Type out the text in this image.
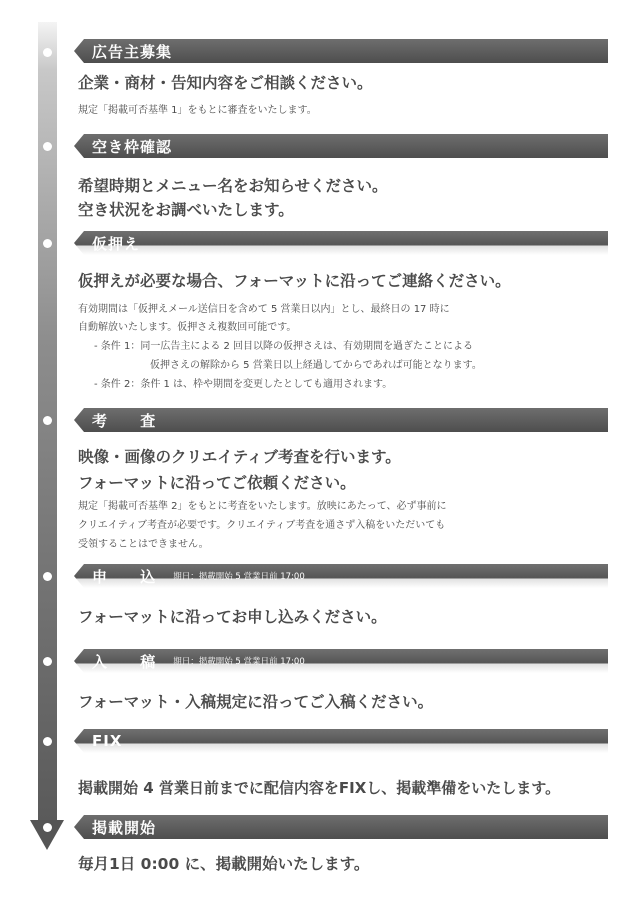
広告主募集
企業・商材・告知内容をご相談ください。
規定「掲載可否基準 1」をもとに審査をいたします。
空き枠確認
希望時期とメニュー名をお知らせください。
空き状況をお調べいたします。
仮押え
仮押えが必要な場合、フォーマットに沿ってご連絡ください。
有効期間は「仮押えメール送信日を含めて 5 営業日以内」とし、最終日の 17 時に
自動解放いたします。仮押さえ複数回可能です。
- 条件 1：同一広告主による 2 回目以降の仮押さえは、有効期間を過ぎたことによる
仮押さえの解除から 5 営業日以上経過してからであれば可能となります。
- 条件 2：条件 1 は、枠や期間を変更したとしても適用されます。
考 査
映像・画像のクリエイティブ考査を行います。
フォーマットに沿ってご依頼ください。
規定「掲載可否基準 2」をもとに考査をいたします。放映にあたって、必ず事前に
クリエイティブ考査が必要です。クリエイティブ考査を通さず入稿をいただいても
受領することはできません。
申 込 期日：掲載開始 5 営業日前 17:00
フォーマットに沿ってお申し込みください。
入 稿 期日：掲載開始 5 営業日前 17:00
フォーマット・入稿規定に沿ってご入稿ください。
FIX
掲載開始 4 営業日前までに配信内容をFIXし、掲載準備をいたします。
掲載開始
毎月1日 0:00 に、掲載開始いたします。
